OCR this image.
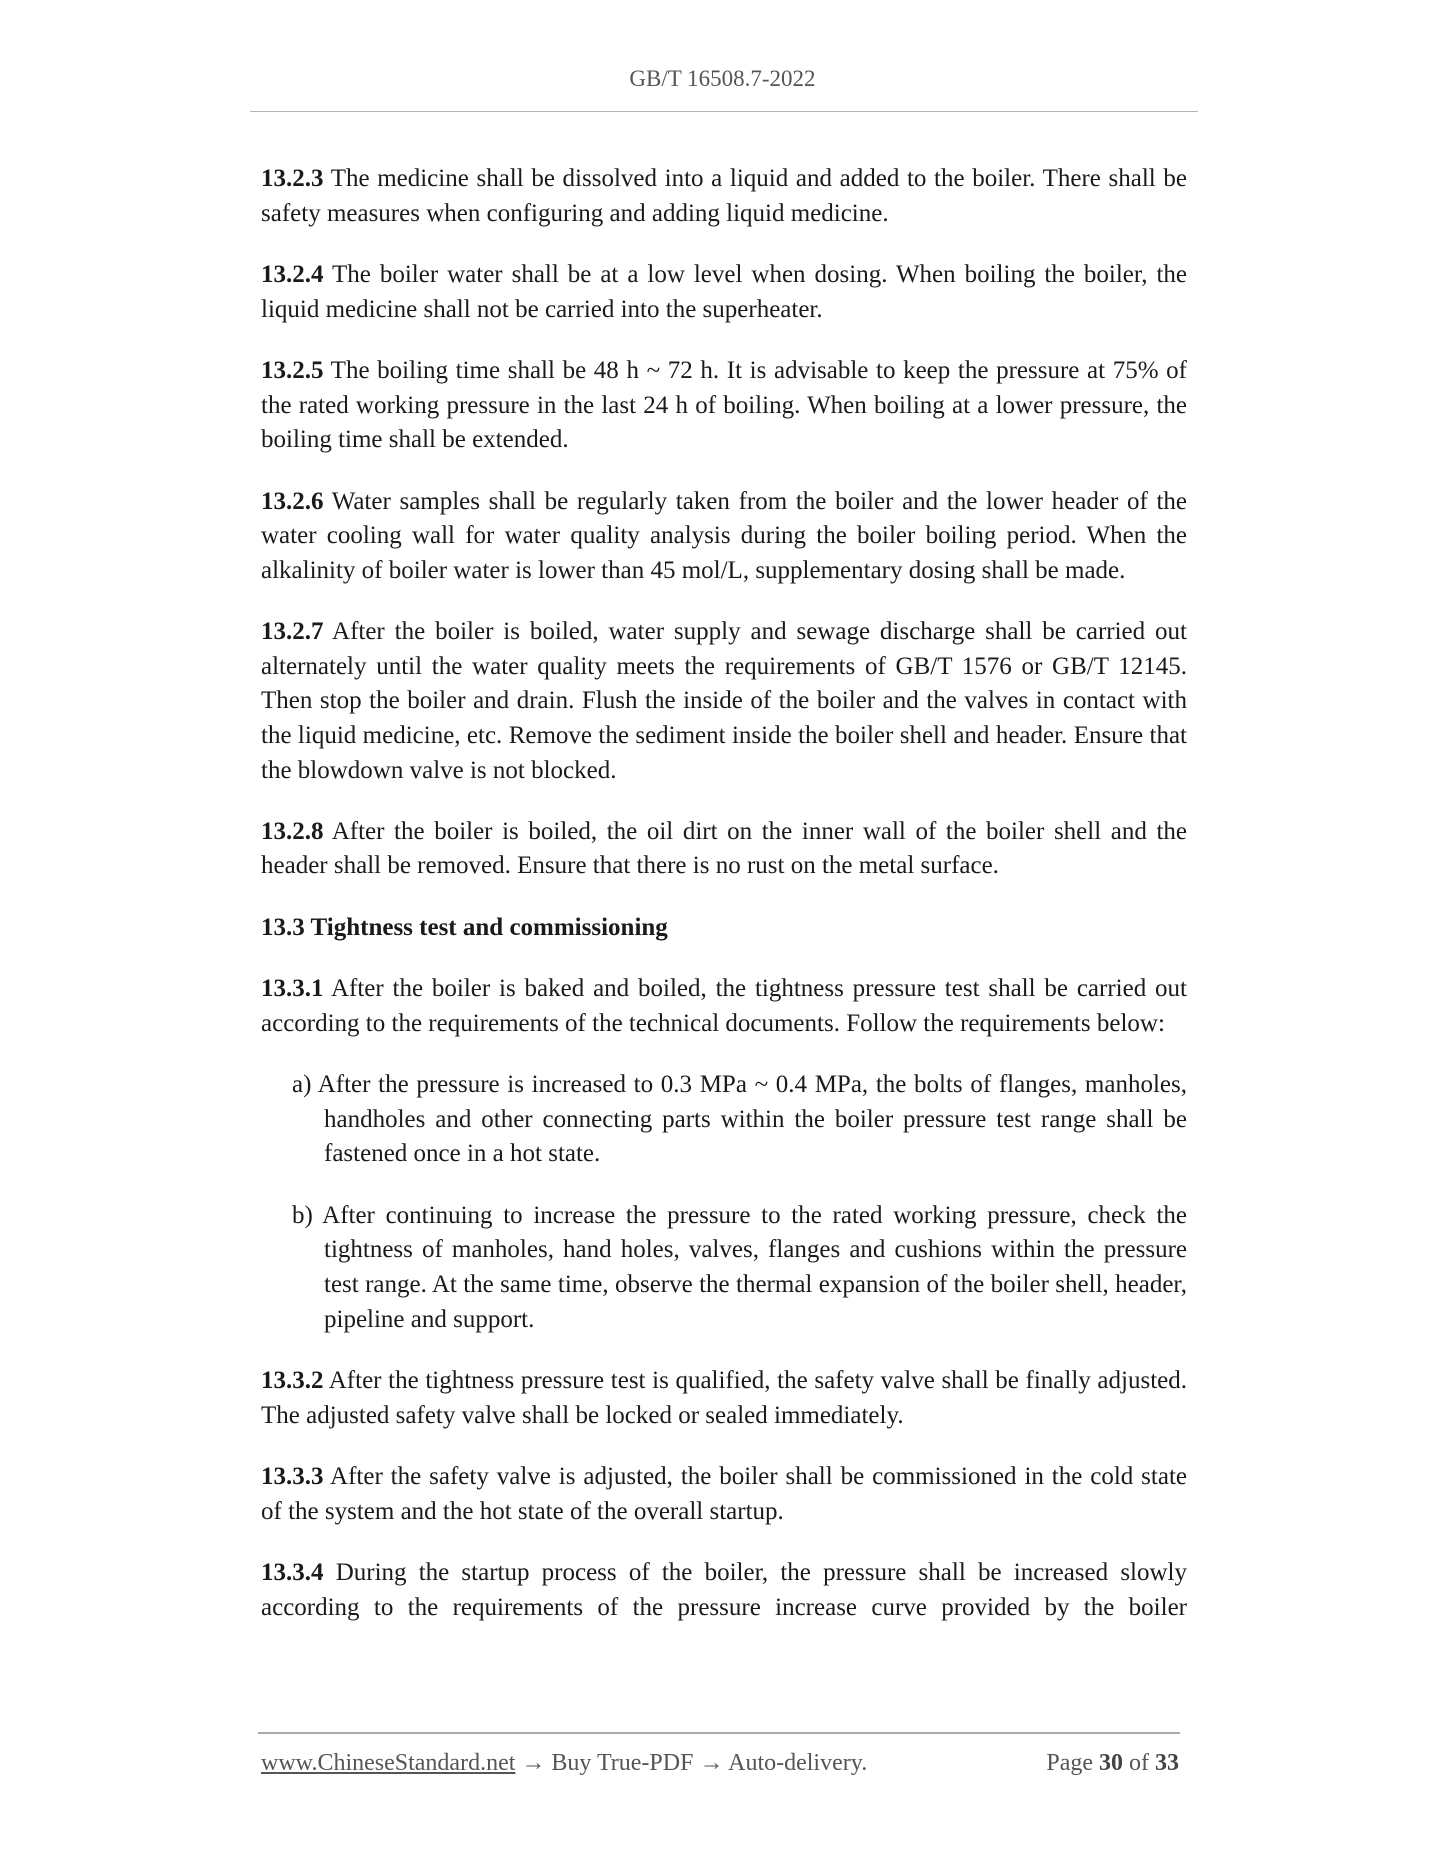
GB/T 16508.7-2022

13.2.3 The medicine shall be dissolved into a liquid and added to the boiler. There shall be safety measures when configuring and adding liquid medicine.

13.2.4 The boiler water shall be at a low level when dosing. When boiling the boiler, the liquid medicine shall not be carried into the superheater.

13.2.5 The boiling time shall be 48 h ~ 72 h. It is advisable to keep the pressure at 75% of the rated working pressure in the last 24 h of boiling. When boiling at a lower pressure, the boiling time shall be extended.

13.2.6 Water samples shall be regularly taken from the boiler and the lower header of the water cooling wall for water quality analysis during the boiler boiling period. When the alkalinity of boiler water is lower than 45 mol/L, supplementary dosing shall be made.

13.2.7 After the boiler is boiled, water supply and sewage discharge shall be carried out alternately until the water quality meets the requirements of GB/T 1576 or GB/T 12145. Then stop the boiler and drain. Flush the inside of the boiler and the valves in contact with the liquid medicine, etc. Remove the sediment inside the boiler shell and header. Ensure that the blowdown valve is not blocked.

13.2.8 After the boiler is boiled, the oil dirt on the inner wall of the boiler shell and the header shall be removed. Ensure that there is no rust on the metal surface.

13.3 Tightness test and commissioning

13.3.1 After the boiler is baked and boiled, the tightness pressure test shall be carried out according to the requirements of the technical documents. Follow the requirements below:

a) After the pressure is increased to 0.3 MPa ~ 0.4 MPa, the bolts of flanges, manholes, handholes and other connecting parts within the boiler pressure test range shall be fastened once in a hot state.

b) After continuing to increase the pressure to the rated working pressure, check the tightness of manholes, hand holes, valves, flanges and cushions within the pressure test range. At the same time, observe the thermal expansion of the boiler shell, header, pipeline and support.

13.3.2 After the tightness pressure test is qualified, the safety valve shall be finally adjusted. The adjusted safety valve shall be locked or sealed immediately.

13.3.3 After the safety valve is adjusted, the boiler shall be commissioned in the cold state of the system and the hot state of the overall startup.

13.3.4 During the startup process of the boiler, the pressure shall be increased slowly according to the requirements of the pressure increase curve provided by the boiler

www.ChineseStandard.net → Buy True-PDF → Auto-delivery.	Page 30 of 33
